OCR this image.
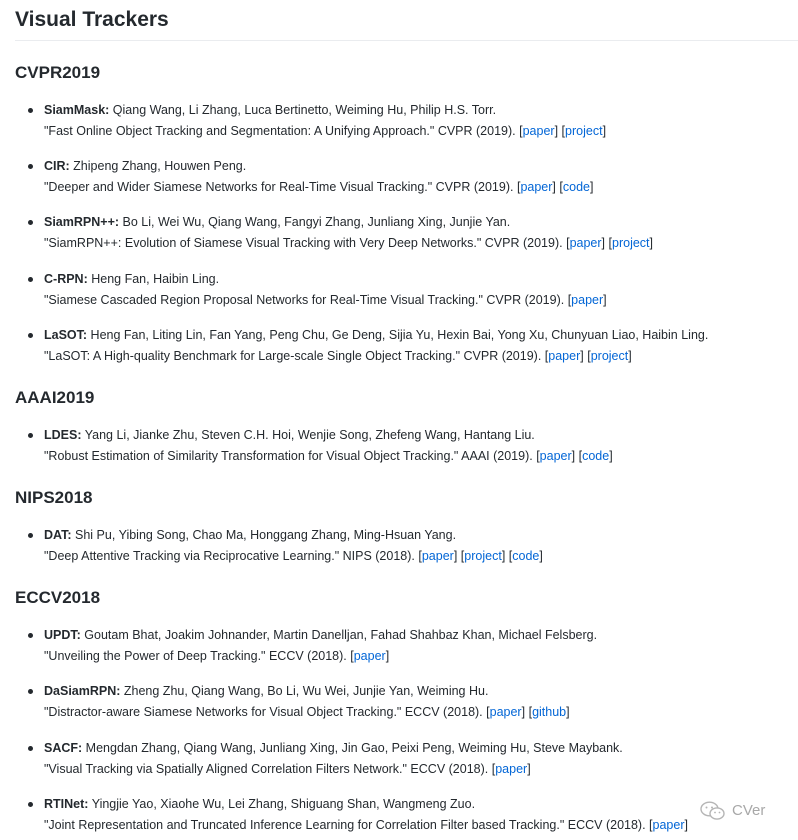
Visual Trackers
CVPR2019
SiamMask: Qiang Wang, Li Zhang, Luca Bertinetto, Weiming Hu, Philip H.S. Torr.
"Fast Online Object Tracking and Segmentation: A Unifying Approach." CVPR (2019). [paper] [project]
CIR: Zhipeng Zhang, Houwen Peng.
"Deeper and Wider Siamese Networks for Real-Time Visual Tracking." CVPR (2019). [paper] [code]
SiamRPN++: Bo Li, Wei Wu, Qiang Wang, Fangyi Zhang, Junliang Xing, Junjie Yan.
"SiamRPN++: Evolution of Siamese Visual Tracking with Very Deep Networks." CVPR (2019). [paper] [project]
C-RPN: Heng Fan, Haibin Ling.
"Siamese Cascaded Region Proposal Networks for Real-Time Visual Tracking." CVPR (2019). [paper]
LaSOT: Heng Fan, Liting Lin, Fan Yang, Peng Chu, Ge Deng, Sijia Yu, Hexin Bai, Yong Xu, Chunyuan Liao, Haibin Ling.
"LaSOT: A High-quality Benchmark for Large-scale Single Object Tracking." CVPR (2019). [paper] [project]
AAAI2019
LDES: Yang Li, Jianke Zhu, Steven C.H. Hoi, Wenjie Song, Zhefeng Wang, Hantang Liu.
"Robust Estimation of Similarity Transformation for Visual Object Tracking." AAAI (2019). [paper] [code]
NIPS2018
DAT: Shi Pu, Yibing Song, Chao Ma, Honggang Zhang, Ming-Hsuan Yang.
"Deep Attentive Tracking via Reciprocative Learning." NIPS (2018). [paper] [project] [code]
ECCV2018
UPDT: Goutam Bhat, Joakim Johnander, Martin Danelljan, Fahad Shahbaz Khan, Michael Felsberg.
"Unveiling the Power of Deep Tracking." ECCV (2018). [paper]
DaSiamRPN: Zheng Zhu, Qiang Wang, Bo Li, Wu Wei, Junjie Yan, Weiming Hu.
"Distractor-aware Siamese Networks for Visual Object Tracking." ECCV (2018). [paper] [github]
SACF: Mengdan Zhang, Qiang Wang, Junliang Xing, Jin Gao, Peixi Peng, Weiming Hu, Steve Maybank.
"Visual Tracking via Spatially Aligned Correlation Filters Network." ECCV (2018). [paper]
RTINet: Yingjie Yao, Xiaohe Wu, Lei Zhang, Shiguang Shan, Wangmeng Zuo.
"Joint Representation and Truncated Inference Learning for Correlation Filter based Tracking." ECCV (2018). [paper]
CVer
